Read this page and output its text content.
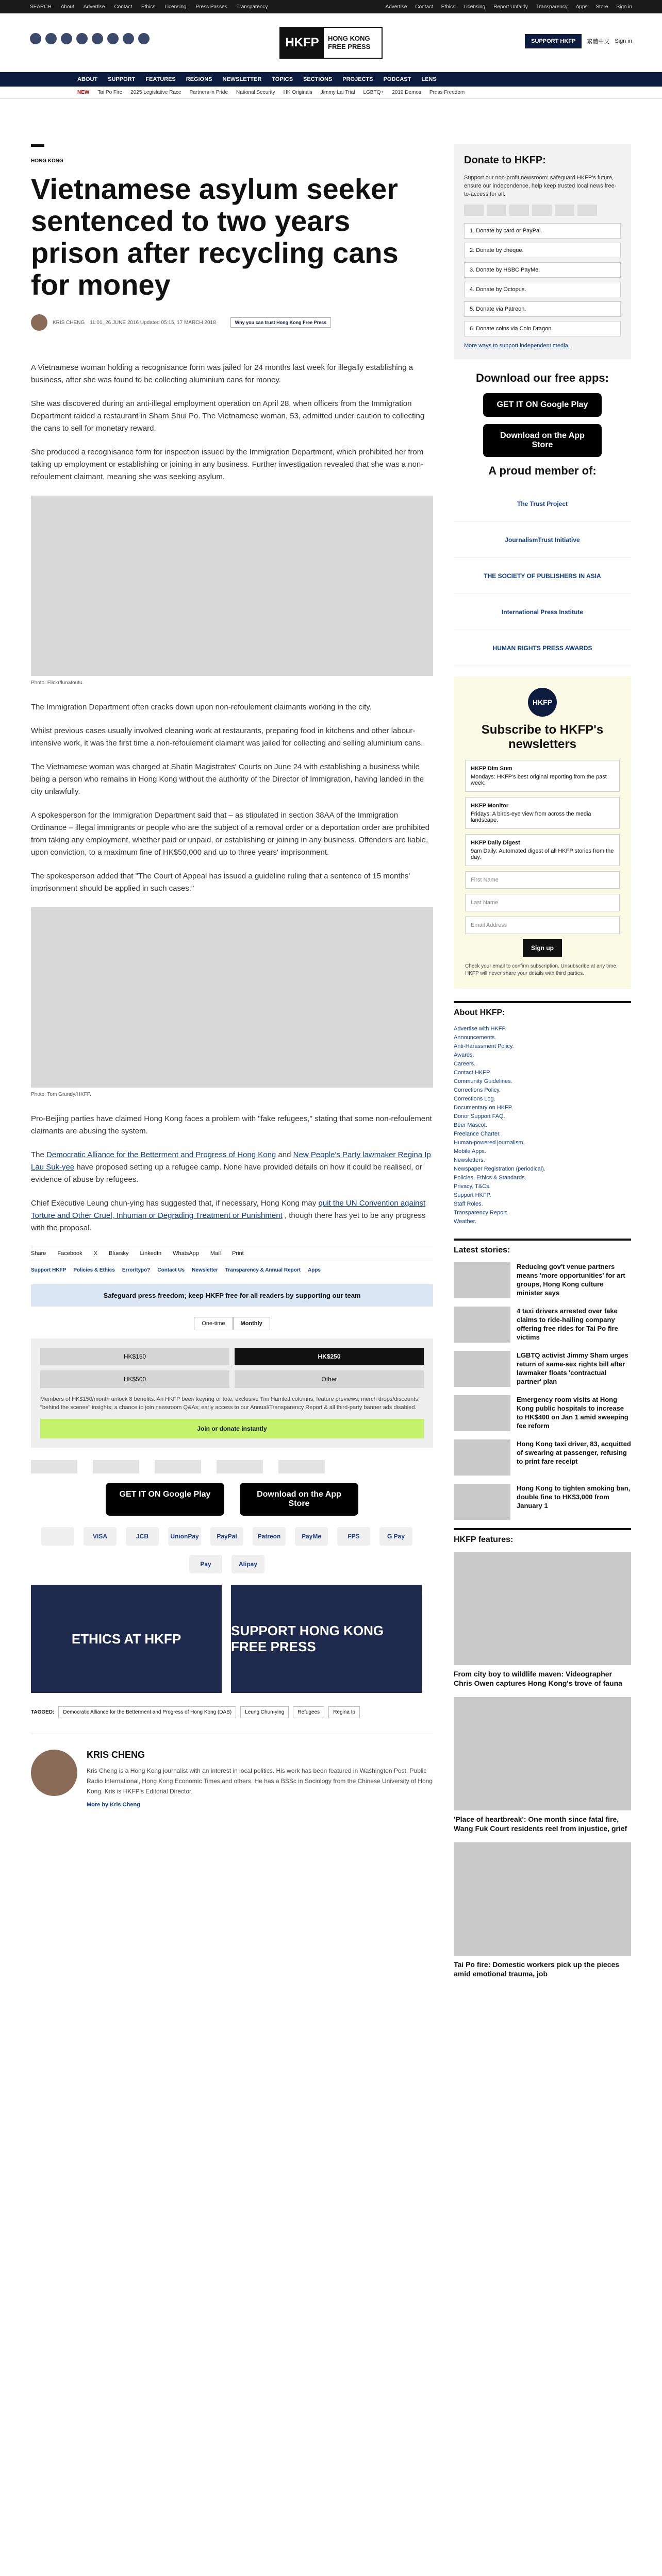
SEARCH About Advertise Contact Ethics Licensing Press Passes Transparency	Advertise Contact Ethics Licensing Report Unfairly Transparency Apps Store Sign in
HKFP	HONG KONG
FREE PRESS
SUPPORT HKFP	繁體中文 Sign in
ABOUT SUPPORT FEATURES REGIONS NEWSLETTER TOPICS SECTIONS PROJECTS PODCAST LENS
NEW Tai Po Fire 2025 Legislative Race Partners in Pride National Security HK Originals Jimmy Lai Trial LGBTQ+ 2019 Demos Press Freedom
HONG KONG
Vietnamese asylum seeker sentenced to two years prison after recycling cans for money
KRIS CHENG 11:01, 26 JUNE 2016 Updated 05:15, 17 MARCH 2018	Why you can trust Hong Kong Free Press

A Vietnamese woman holding a recognisance form was jailed for 24 months last week for illegally establishing a business, after she was found to be collecting aluminium cans for money.

She was discovered during an anti-illegal employment operation on April 28, when officers from the Immigration Department raided a restaurant in Sham Shui Po. The Vietnamese woman, 53, admitted under caution to collecting the cans to sell for monetary reward.

She produced a recognisance form for inspection issued by the Immigration Department, which prohibited her from taking up employment or establishing or joining in any business. Further investigation revealed that she was a non-refoulement claimant, meaning she was seeking asylum.

Photo: Flickr/lunatoutu.

The Immigration Department often cracks down upon non-refoulement claimants working in the city.

Whilst previous cases usually involved cleaning work at restaurants, preparing food in kitchens and other labour-intensive work, it was the first time a non-refoulement claimant was jailed for collecting and selling aluminium cans.

The Vietnamese woman was charged at Shatin Magistrates' Courts on June 24 with establishing a business while being a person who remains in Hong Kong without the authority of the Director of Immigration, having landed in the city unlawfully.

A spokesperson for the Immigration Department said that – as stipulated in section 38AA of the Immigration Ordinance – illegal immigrants or people who are the subject of a removal order or a deportation order are prohibited from taking any employment, whether paid or unpaid, or establishing or joining in any business. Offenders are liable, upon conviction, to a maximum fine of HK$50,000 and up to three years' imprisonment.

The spokesperson added that "The Court of Appeal has issued a guideline ruling that a sentence of 15 months' imprisonment should be applied in such cases."

Photo: Tom Grundy/HKFP.

Pro-Beijing parties have claimed Hong Kong faces a problem with "fake refugees," stating that some non-refoulement claimants are abusing the system.

The Democratic Alliance for the Betterment and Progress of Hong Kong and New People's Party lawmaker Regina Ip Lau Suk-yee have proposed setting up a refugee camp. None have provided details on how it could be realised, or evidence of abuse by refugees.

Chief Executive Leung chun-ying has suggested that, if necessary, Hong Kong may quit the UN Convention against Torture and Other Cruel, Inhuman or Degrading Treatment or Punishment , though there has yet to be any progress with the proposal.

Share Facebook X Bluesky LinkedIn WhatsApp Mail Print
Support HKFP Policies & Ethics Error/typo? Contact Us Newsletter Transparency & Annual Report Apps
Safeguard press freedom; keep HKFP free for all readers by supporting our team
One-time	Monthly
HK$150	HK$250
HK$500	Other

Members of HK$150/month unlock 8 benefits: An HKFP beer/ keyring or tote; exclusive Tim Hamlett columns; feature previews; merch drops/discounts; "behind the scenes" insights; a chance to join newsroom Q&As; early access to our Annual/Transparency Report & all third-party banner ads disabled.

Join or donate instantly
GET IT ON Google Play	Download on the App Store
VISA	JCB	UnionPay	PayPal	Patreon	PayMe	FPS	G Pay
Pay	Alipay
ETHICS AT HKFP
SUPPORT HONG KONG FREE PRESS
TAGGED:	Democratic Alliance for the Betterment and Progress of Hong Kong (DAB)	Leung Chun-ying	Refugees	Regina Ip
KRIS CHENG

Kris Cheng is a Hong Kong journalist with an interest in local politics. His work has been featured in Washington Post, Public Radio International, Hong Kong Economic Times and others. He has a BSSc in Sociology from the Chinese University of Hong Kong. Kris is HKFP's Editorial Director.

More by Kris Cheng
Donate to HKFP:

Support our non-profit newsroom: safeguard HKFP's future, ensure our independence, help keep trusted local news free-to-access for all.

1. Donate by card or PayPal.
2. Donate by cheque.
3. Donate by HSBC PayMe.
4. Donate by Octopus.
5. Donate via Patreon.
6. Donate coins via Coin Dragon.
More ways to support independent media.
Download our free apps:
GET IT ON Google Play
Download on the App Store
A proud member of:
The Trust Project
JournalismTrust Initiative
THE SOCIETY OF PUBLISHERS IN ASIA
International Press Institute
HUMAN RIGHTS PRESS AWARDS
HKFP
Subscribe to HKFP's newsletters
HKFP Dim Sum
Mondays: HKFP's best original reporting from the past week.
HKFP Monitor
Fridays: A birds-eye view from across the media landscape.
HKFP Daily Digest
9am Daily: Automated digest of all HKFP stories from the day.
First Name
Last Name
Email Address
Sign up

Check your email to confirm subscription. Unsubscribe at any time. HKFP will never share your details with third parties.

About HKFP:
Advertise with HKFP.
Announcements.
Anti-Harassment Policy.
Awards.
Careers.
Contact HKFP.
Community Guidelines.
Corrections Policy.
Corrections Log.
Documentary on HKFP.
Donor Support FAQ.
Beer Mascot.
Freelance Charter.
Human-powered journalism.
Mobile Apps.
Newsletters.
Newspaper Registration (periodical).
Policies, Ethics & Standards.
Privacy, T&Cs.
Support HKFP.
Staff Roles.
Transparency Report.
Weather.
Latest stories:

Reducing gov't venue partners means 'more opportunities' for art groups, Hong Kong culture minister says

4 taxi drivers arrested over fake claims to ride-hailing company offering free rides for Tai Po fire victims

LGBTQ activist Jimmy Sham urges return of same-sex rights bill after lawmaker floats 'contractual partner' plan

Emergency room visits at Hong Kong public hospitals to increase to HK$400 on Jan 1 amid sweeping fee reform

Hong Kong taxi driver, 83, acquitted of swearing at passenger, refusing to print fare receipt

Hong Kong to tighten smoking ban, double fine to HK$3,000 from January 1

HKFP features:

From city boy to wildlife maven: Videographer Chris Owen captures Hong Kong's trove of fauna

'Place of heartbreak': One month since fatal fire, Wang Fuk Court residents reel from injustice, grief

Tai Po fire: Domestic workers pick up the pieces amid emotional trauma, job
